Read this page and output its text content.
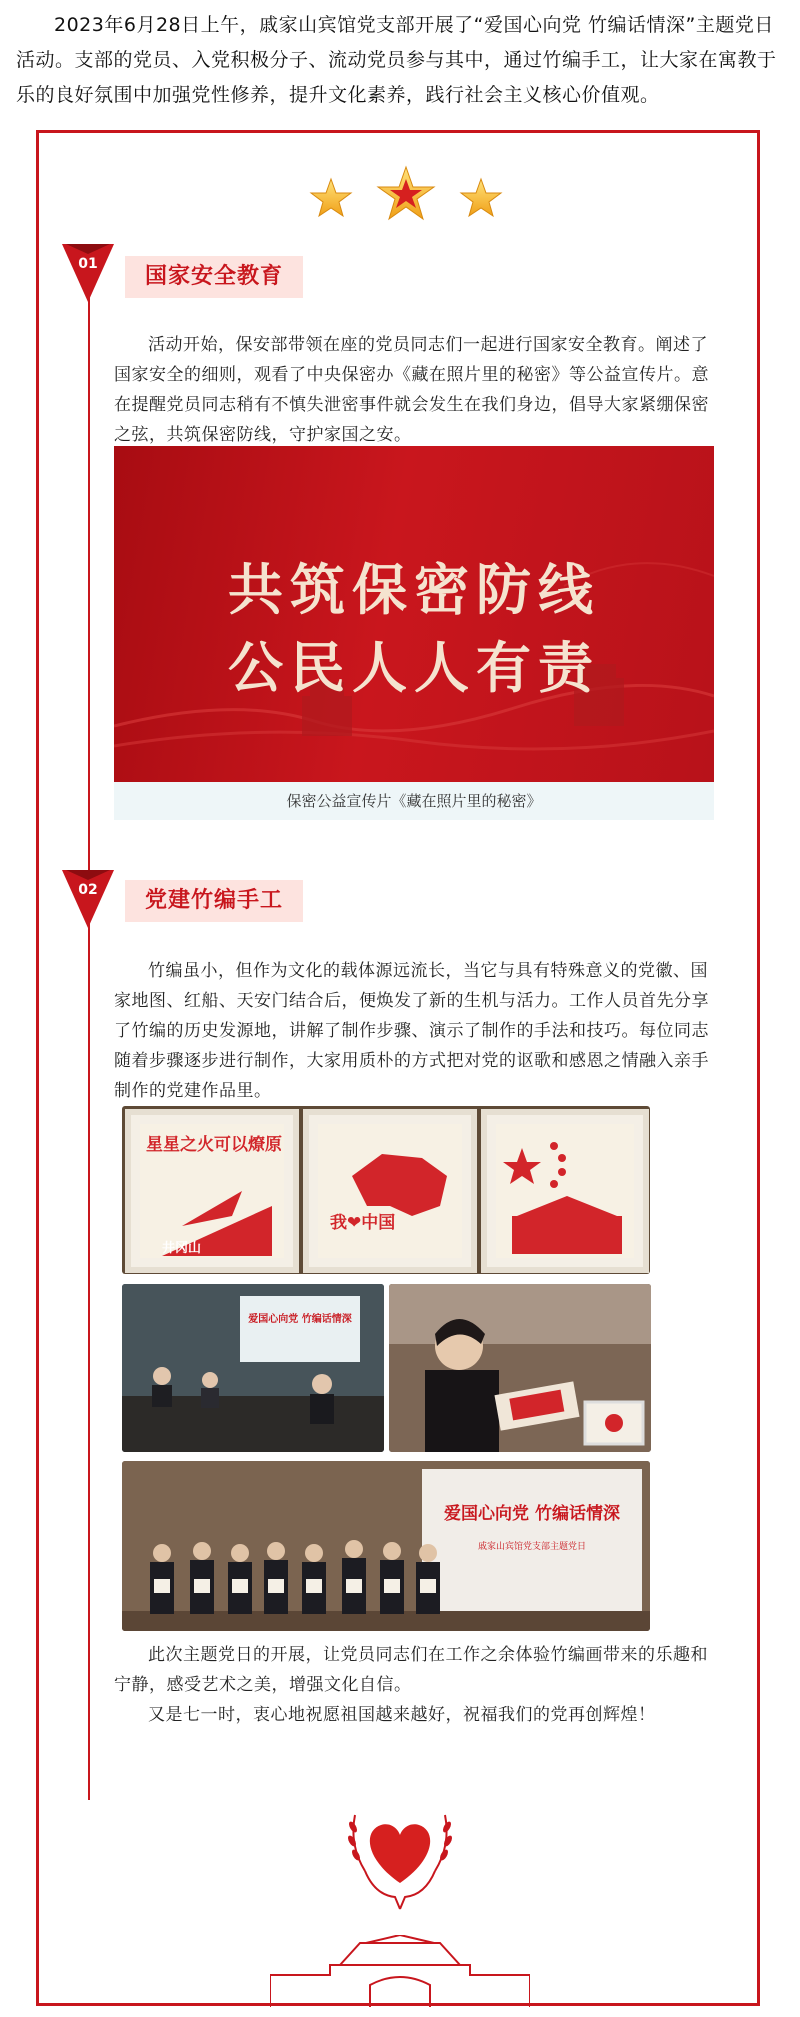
2023年6月28日上午，戚家山宾馆党支部开展了“爱国心向党 竹编话情深”主题党日活动。支部的党员、入党积极分子、流动党员参与其中，通过竹编手工，让大家在寓教于乐的良好氛围中加强党性修养，提升文化素养，践行社会主义核心价值观。
01	国家安全教育
活动开始，保安部带领在座的党员同志们一起进行国家安全教育。阐述了国家安全的细则，观看了中央保密办《藏在照片里的秘密》等公益宣传片。意在提醒党员同志稍有不慎失泄密事件就会发生在我们身边，倡导大家紧绷保密之弦，共筑保密防线，守护家国之安。
共筑保密防线
公民人人有责
保密公益宣传片《藏在照片里的秘密》
02	党建竹编手工
竹编虽小，但作为文化的载体源远流长，当它与具有特殊意义的党徽、国家地图、红船、天安门结合后，便焕发了新的生机与活力。工作人员首先分享了竹编的历史发源地，讲解了制作步骤、演示了制作的手法和技巧。每位同志随着步骤逐步进行制作，大家用质朴的方式把对党的讴歌和感恩之情融入亲手制作的党建作品里。
星星之火可以燎原
井冈山
我❤中国
爱国心向党 竹编话情深
爱国心向党 竹编话情深
戚家山宾馆党支部主题党日
此次主题党日的开展，让党员同志们在工作之余体验竹编画带来的乐趣和宁静，感受艺术之美，增强文化自信。
又是七一时，衷心地祝愿祖国越来越好，祝福我们的党再创辉煌！
